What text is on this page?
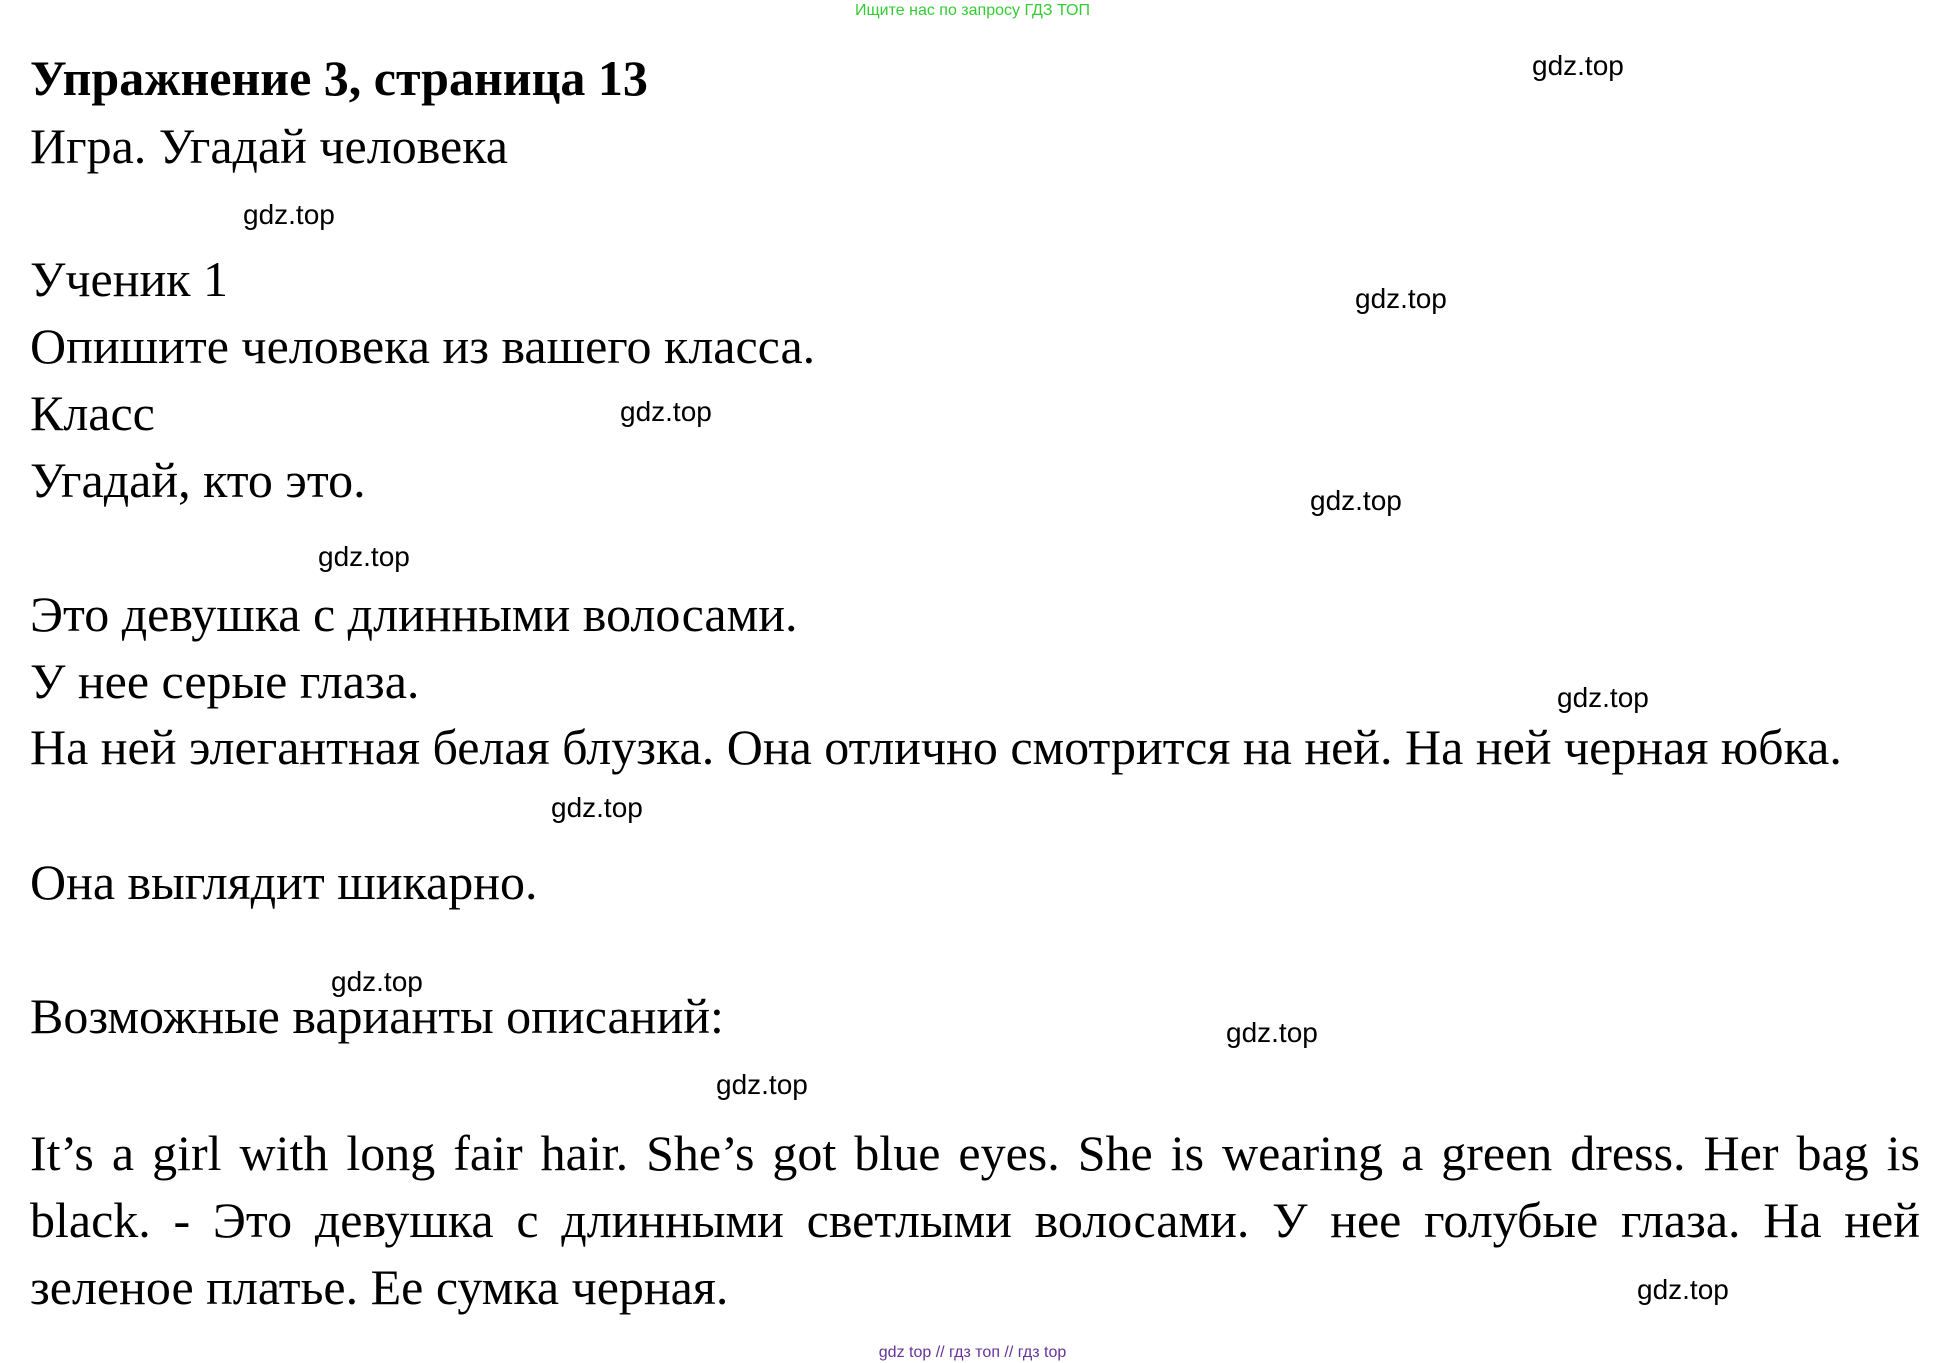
Ищите нас по запросу ГДЗ ТОП
Упражнение 3, страница 13
Игра. Угадай человека
Ученик 1
Опишите человека из вашего класса.
Класс
Угадай, кто это.
Это девушка с длинными волосами.
У нее серые глаза.
На ней элегантная белая блузка. Она отлично смотрится на ней. На ней черная юбка.
Она выглядит шикарно.
Возможные варианты описаний:
It’s a girl with long fair hair. She’s got blue eyes. She is wearing a green dress. Her bag is black. - Это девушка с длинными светлыми волосами. У нее голубые глаза. На ней зеленое платье. Ее сумка черная.
gdz.top
gdz.top
gdz.top
gdz.top
gdz.top
gdz.top
gdz.top
gdz.top
gdz.top
gdz.top
gdz.top
gdz.top
gdz top // гдз топ // гдз top
